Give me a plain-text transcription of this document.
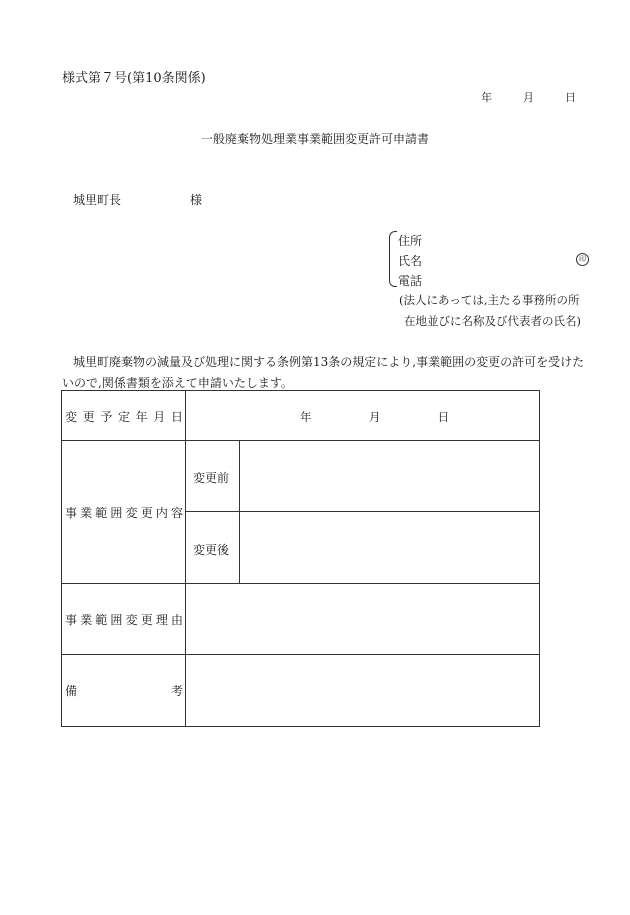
様式第７号(第10条関係)
年	月	日
一般廃棄物処理業事業範囲変更許可申請書
城里町長	様
住所
氏名	印
電話
(法人にあっては,主たる事務所の所
在地並びに名称及び代表者の氏名)
城里町廃棄物の減量及び処理に関する条例第13条の規定により,事業範囲の変更の許可を受けたいので,関係書類を添えて申請いたします。
変 更 予 定 年 月 日	年	月	日
事 業 範 囲 変 更 内 容
変更前
変更後
事 業 範 囲 変 更 理 由
備	考
